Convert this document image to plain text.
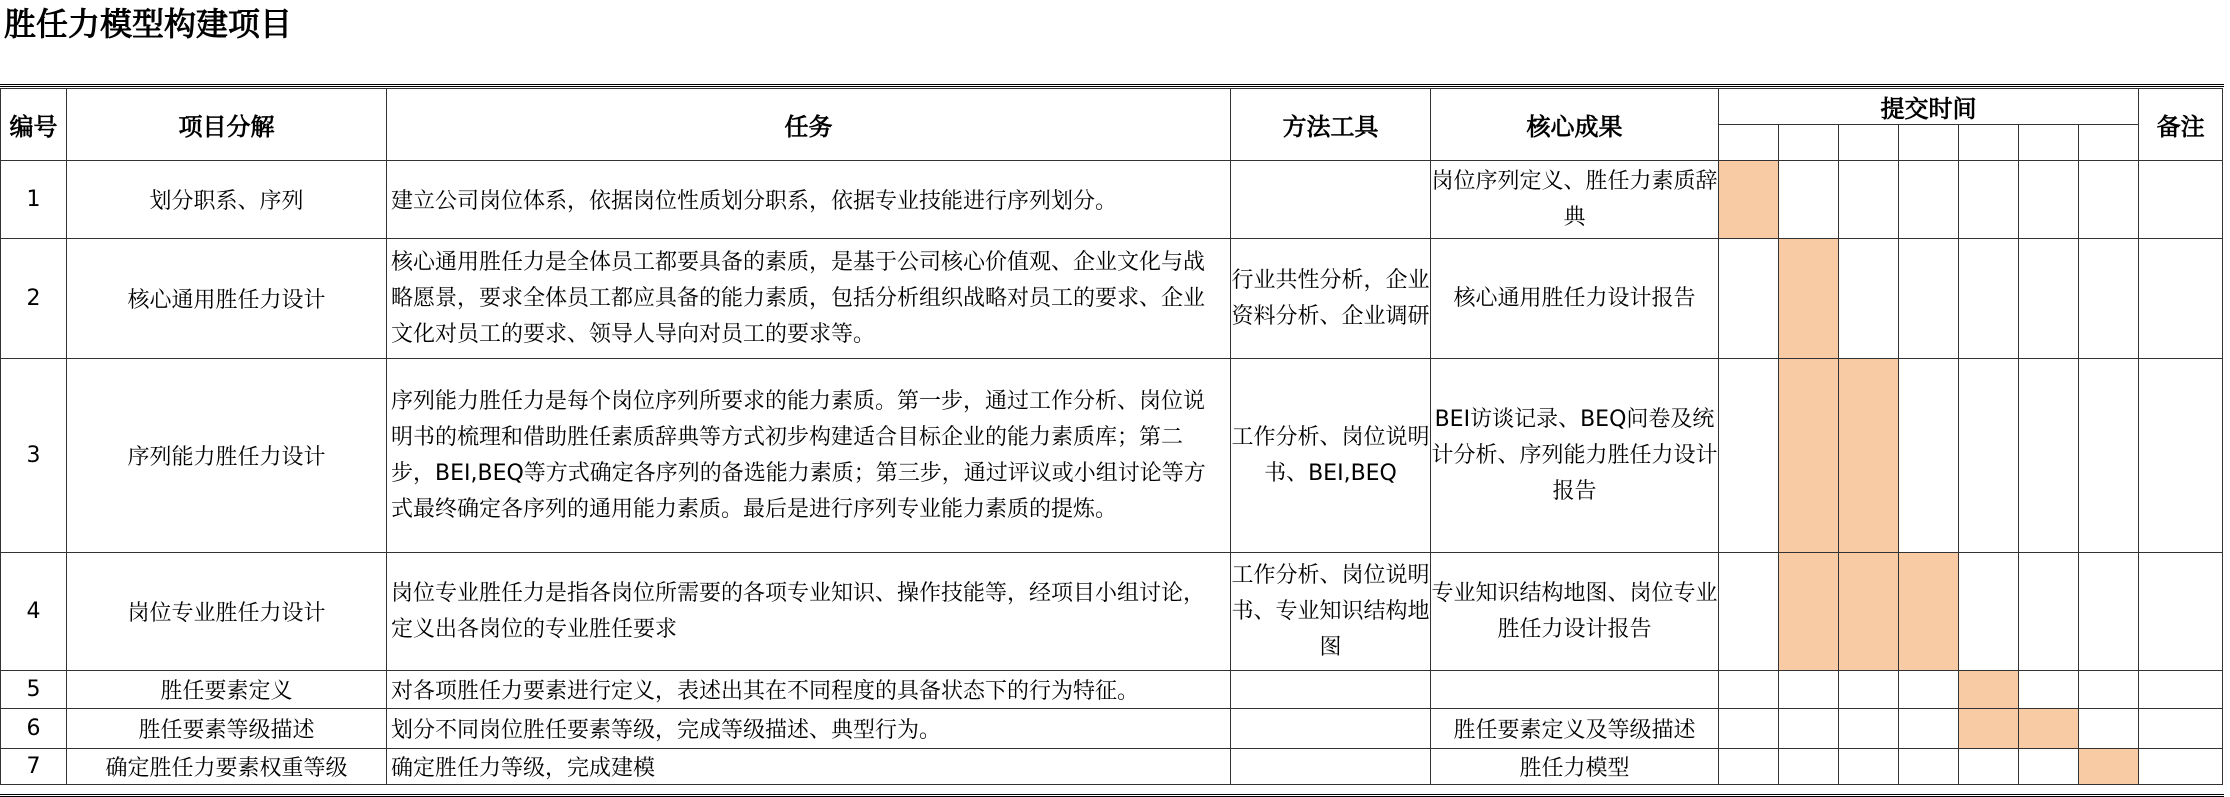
胜任力模型构建项目
编号	项目分解	任务	方法工具	核心成果	提交时间							备注

1	划分职系、序列	建立公司岗位体系，依据岗位性质划分职系，依据专业技能进行序列划分。		岗位序列定义、胜任力素质辞典								
2	核心通用胜任力设计	核心通用胜任力是全体员工都要具备的素质，是基于公司核心价值观、企业文化与战略愿景，要求全体员工都应具备的能力素质，包括分析组织战略对员工的要求、企业文化对员工的要求、领导人导向对员工的要求等。	行业共性分析，企业资料分析、企业调研	核心通用胜任力设计报告								
3	序列能力胜任力设计	序列能力胜任力是每个岗位序列所要求的能力素质。第一步，通过工作分析、岗位说明书的梳理和借助胜任素质辞典等方式初步构建适合目标企业的能力素质库；第二步，BEI,BEQ等方式确定各序列的备选能力素质；第三步，通过评议或小组讨论等方式最终确定各序列的通用能力素质。最后是进行序列专业能力素质的提炼。	工作分析、岗位说明书、BEI,BEQ	BEI访谈记录、BEQ问卷及统计分析、序列能力胜任力设计报告								
4	岗位专业胜任力设计	岗位专业胜任力是指各岗位所需要的各项专业知识、操作技能等，经项目小组讨论，定义出各岗位的专业胜任要求	工作分析、岗位说明书、专业知识结构地图	专业知识结构地图、岗位专业胜任力设计报告								
5	胜任要素定义	对各项胜任力要素进行定义，表述出其在不同程度的具备状态下的行为特征。										
6	胜任要素等级描述	划分不同岗位胜任要素等级，完成等级描述、典型行为。		胜任要素定义及等级描述								
7	确定胜任力要素权重等级	确定胜任力等级，完成建模		胜任力模型								
